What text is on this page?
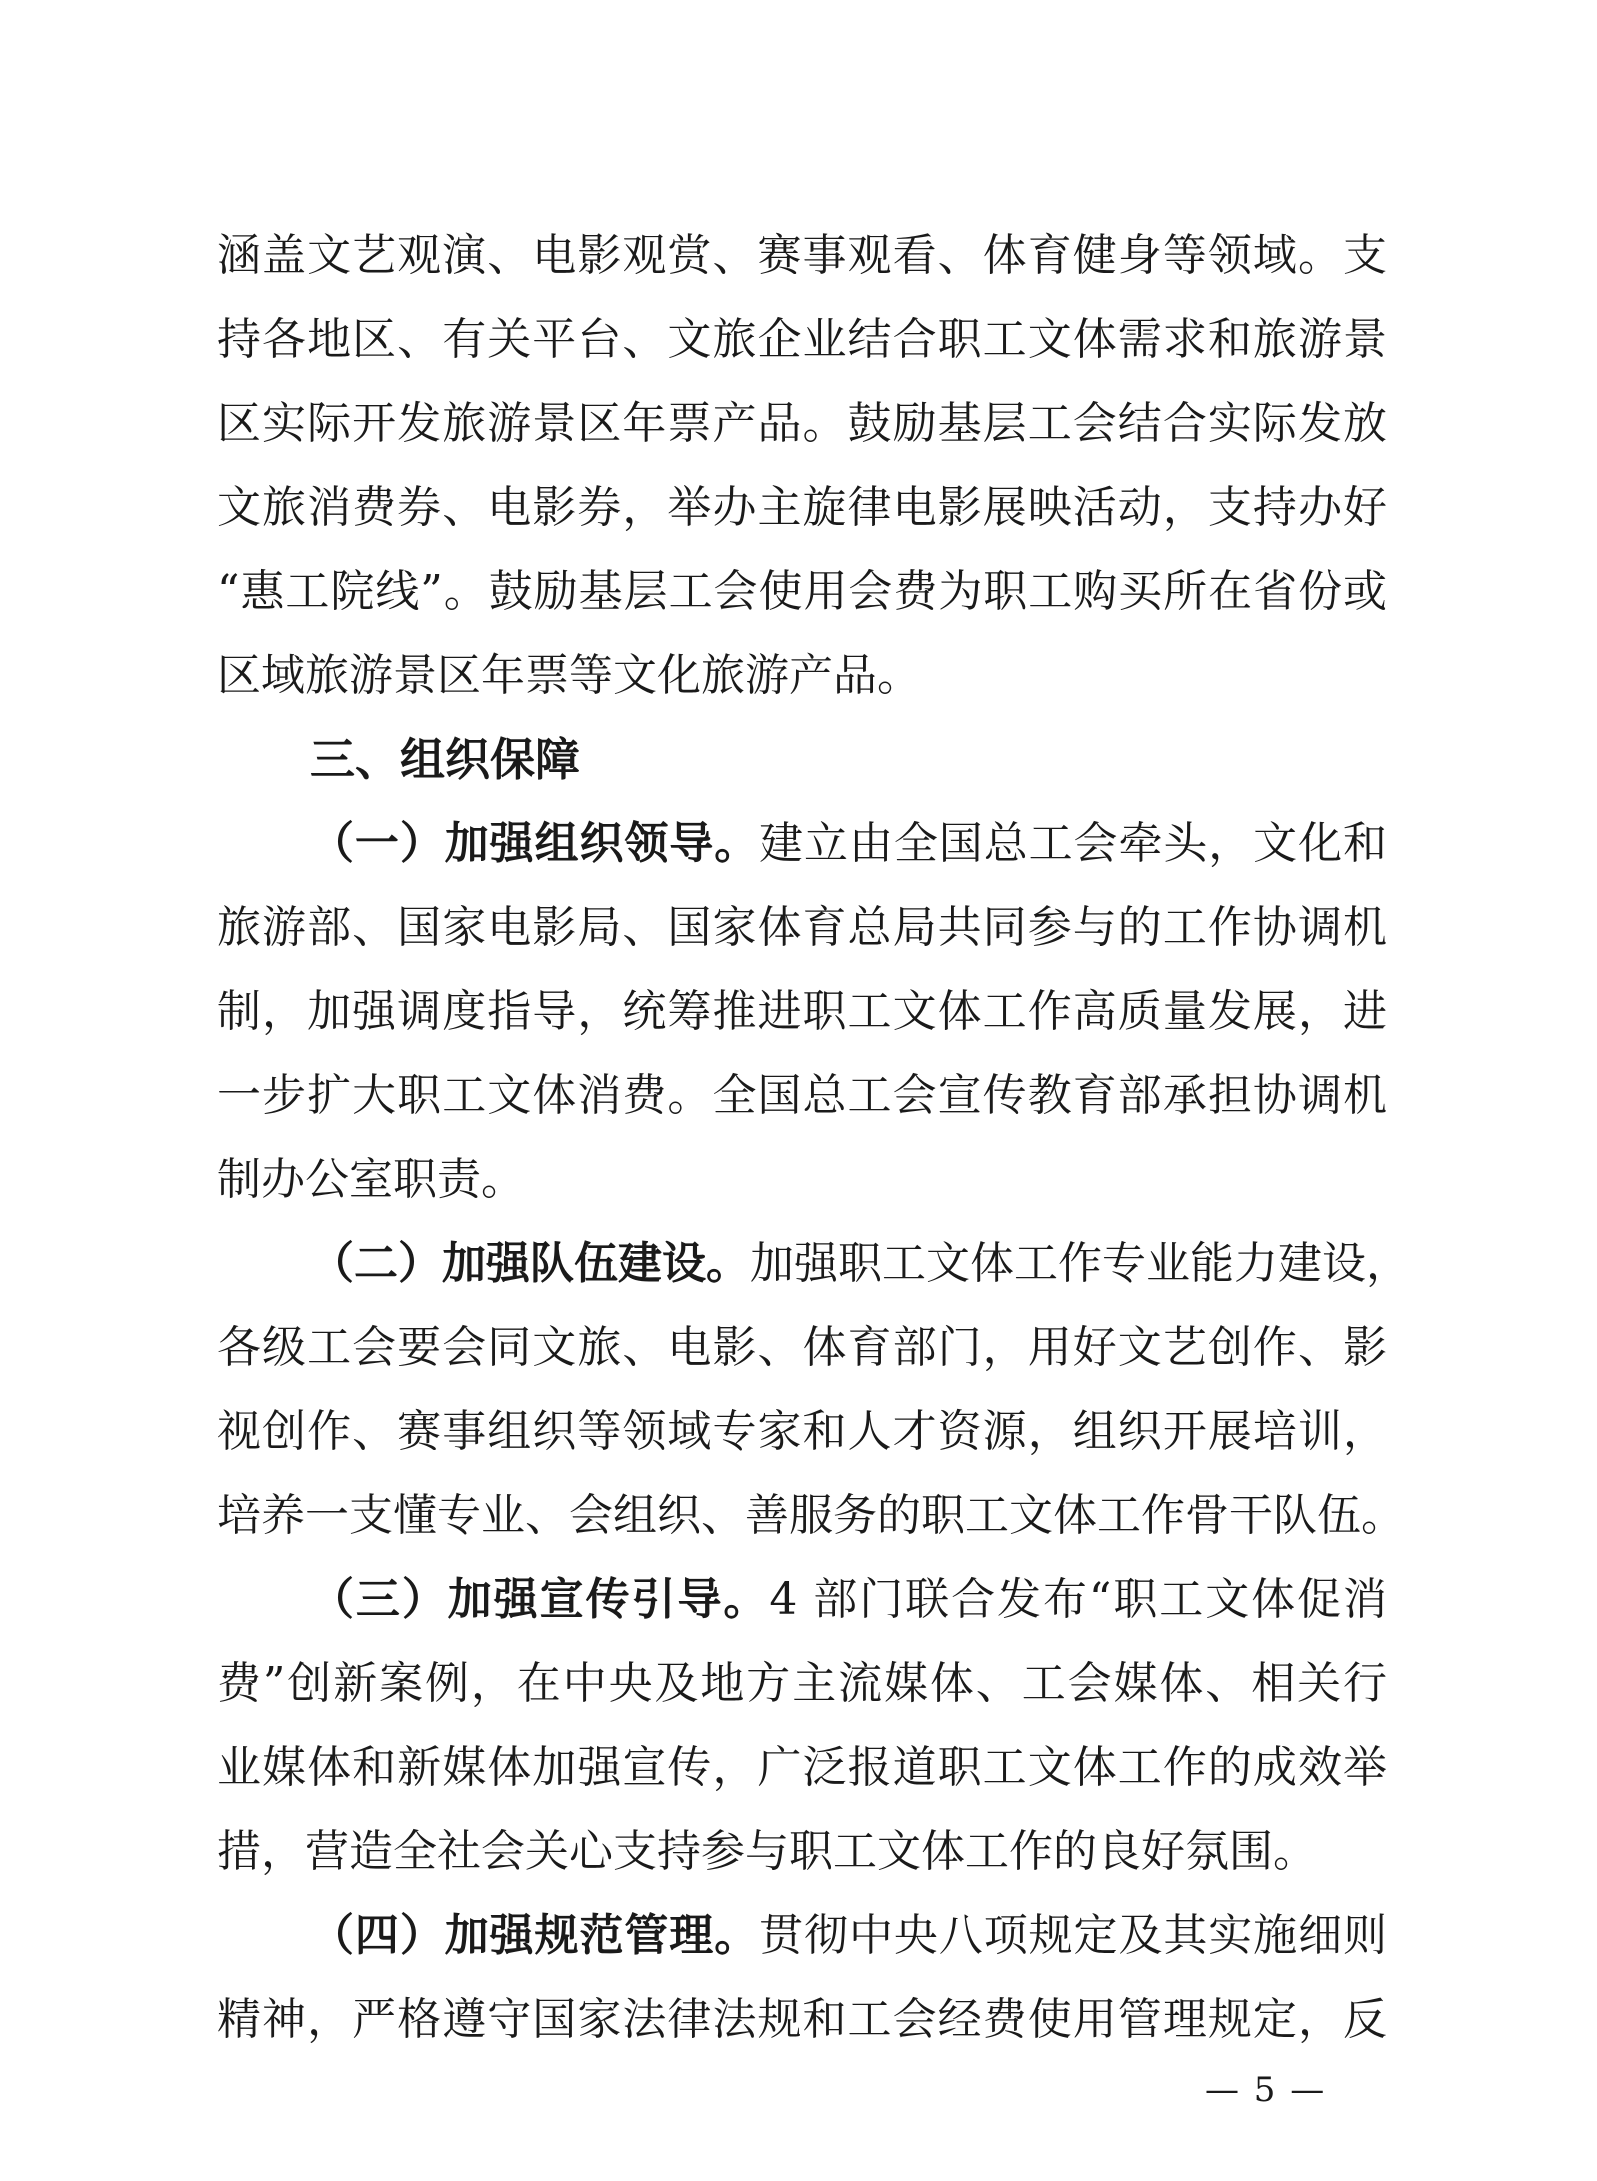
涵盖文艺观演、电影观赏、赛事观看、体育健身等领域。支
持各地区、有关平台、文旅企业结合职工文体需求和旅游景
区实际开发旅游景区年票产品。鼓励基层工会结合实际发放
文旅消费券、电影券，举办主旋律电影展映活动，支持办好
“惠工院线”。鼓励基层工会使用会费为职工购买所在省份或
区域旅游景区年票等文化旅游产品。
三、组织保障
（一）加强组织领导。建立由全国总工会牵头，文化和
旅游部、国家电影局、国家体育总局共同参与的工作协调机
制，加强调度指导，统筹推进职工文体工作高质量发展，进
一步扩大职工文体消费。全国总工会宣传教育部承担协调机
制办公室职责。
（二）加强队伍建设。加强职工文体工作专业能力建设，
各级工会要会同文旅、电影、体育部门，用好文艺创作、影
视创作、赛事组织等领域专家和人才资源，组织开展培训，
培养一支懂专业、会组织、善服务的职工文体工作骨干队伍。
（三）加强宣传引导。4 部门联合发布“职工文体促消
费”创新案例，在中央及地方主流媒体、工会媒体、相关行
业媒体和新媒体加强宣传，广泛报道职工文体工作的成效举
措，营造全社会关心支持参与职工文体工作的良好氛围。
（四）加强规范管理。贯彻中央八项规定及其实施细则
精神，严格遵守国家法律法规和工会经费使用管理规定，反
— 5 —
